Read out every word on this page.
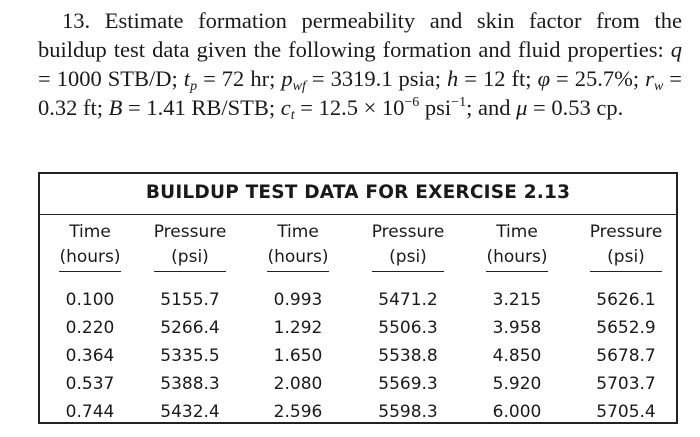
13. Estimate formation permeability and skin factor from the buildup test data given the following formation and fluid properties: q = 1000 STB/D; $t_p = 72$ hr; $p_{wf} = 3319.1$ psia; h = 12 ft; φ = 25.7%; $r_w = 0.32$ ft; B = 1.41 RB/STB; $c_t = 12.5 \times 10^{-6}$ psi$^{-1}$; and μ = 0.53 cp.
BUILDUP TEST DATA FOR EXERCISE 2.13
Time
(hours)
0.100
0.220
0.364
0.537
0.744
Pressure
(psi)
5155.7
5266.4
5335.5
5388.3
5432.4
Time
(hours)
0.993
1.292
1.650
2.080
2.596
Pressure
(psi)
5471.2
5506.3
5538.8
5569.3
5598.3
Time
(hours)
3.215
3.958
4.850
5.920
6.000
Pressure
(psi)
5626.1
5652.9
5678.7
5703.7
5705.4
